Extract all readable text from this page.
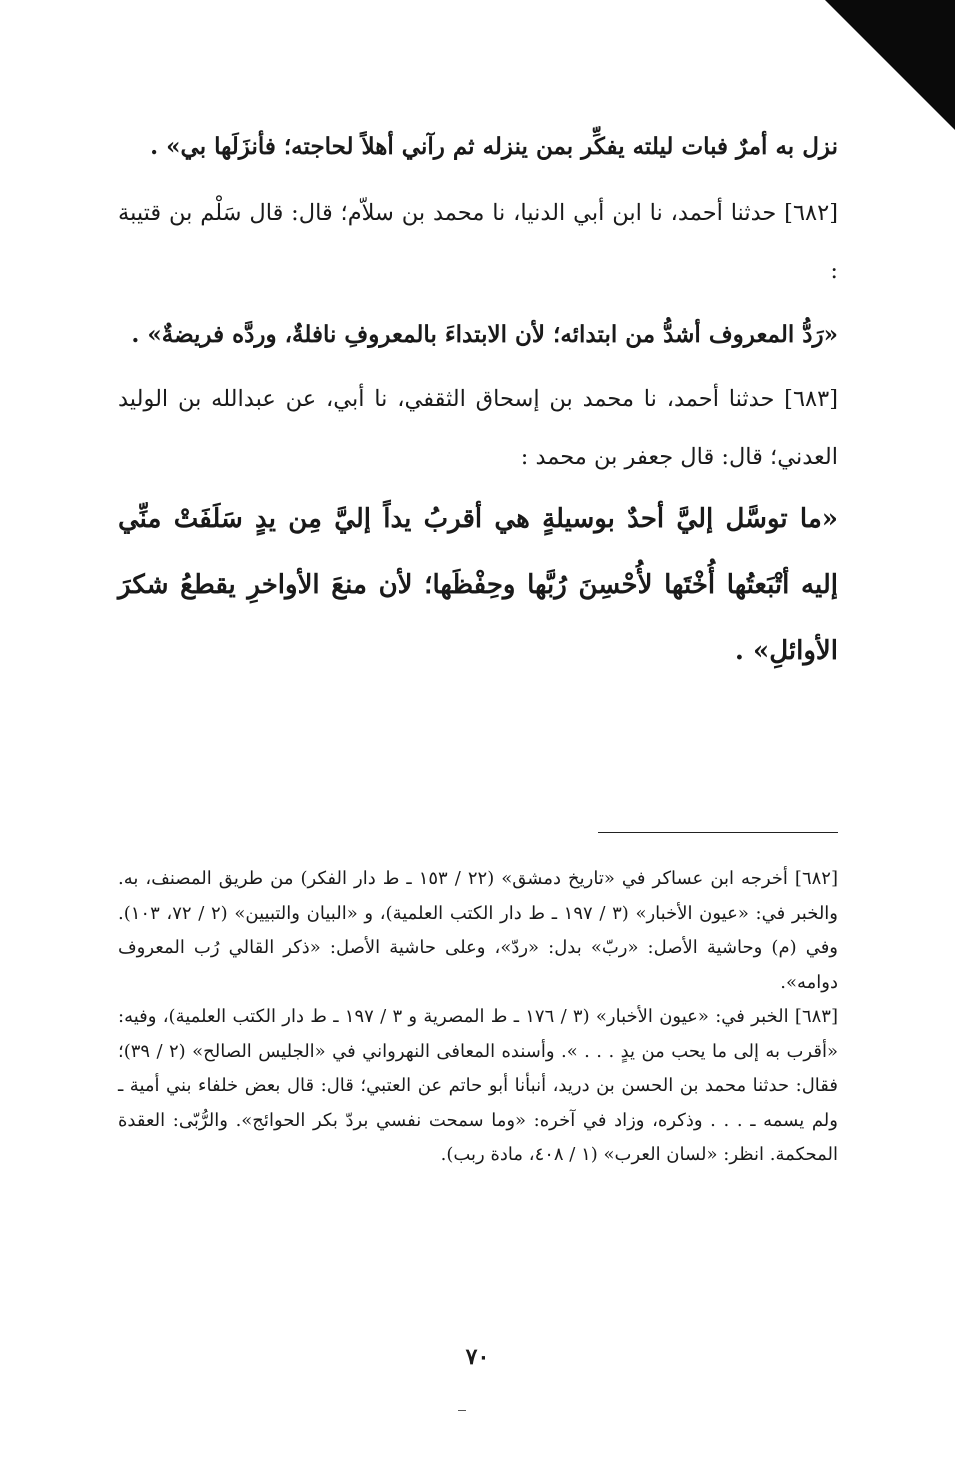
نزل به أمرٌ فبات ليلته يفكِّر بمن ينزله ثم رآني أهلاً لحاجته؛ فأنزَلَها بي» .

[٦٨٢] حدثنا أحمد، نا ابن أبي الدنيا، نا محمد بن سلاّم؛ قال: قال سَلْم بن قتيبة :

«رَدُّ المعروف أشدُّ من ابتدائه؛ لأن الابتداءَ بالمعروفِ نافلةٌ، وردَّه فريضةٌ» .

[٦٨٣] حدثنا أحمد، نا محمد بن إسحاق الثقفي، نا أبي، عن عبدالله بن الوليد العدني؛ قال: قال جعفر بن محمد :

«ما توسَّل إليَّ أحدٌ بوسيلةٍ هي أقربُ يداً إليَّ مِن يدٍ سَلَفَتْ منِّي إليه أتْبَعتُها أُخْتَها لأُحْسِنَ رُبَّها وحِفْظَها؛ لأن منعَ الأواخرِ يقطعُ شكرَ الأوائلِ» .

[٦٨٢] أخرجه ابن عساكر في «تاريخ دمشق» (٢٢ / ١٥٣ ـ ط دار الفكر) من طريق المصنف، به. والخبر في: «عيون الأخبار» (٣ / ١٩٧ ـ ط دار الكتب العلمية)، و «البيان والتبيين» (٢ / ٧٢، ١٠٣). وفي (م) وحاشية الأصل: «ربّ» بدل: «ردّ»، وعلى حاشية الأصل: «ذكر القالي رُب المعروف دوامه».

[٦٨٣] الخبر في: «عيون الأخبار» (٣ / ١٧٦ ـ ط المصرية و ٣ / ١٩٧ ـ ط دار الكتب العلمية)، وفيه: «أقرب به إلى ما يحب من يدٍ . . . ». وأسنده المعافى النهرواني في «الجليس الصالح» (٢ / ٣٩)؛ فقال: حدثنا محمد بن الحسن بن دريد، أنبأنا أبو حاتم عن العتبي؛ قال: قال بعض خلفاء بني أمية ـ ولم يسمه ـ . . . وذكره، وزاد في آخره: «وما سمحت نفسي بردّ بكر الحوائج». والرُّبّى: العقدة المحكمة. انظر: «لسان العرب» (١ / ٤٠٨، مادة ربب).

٧٠
